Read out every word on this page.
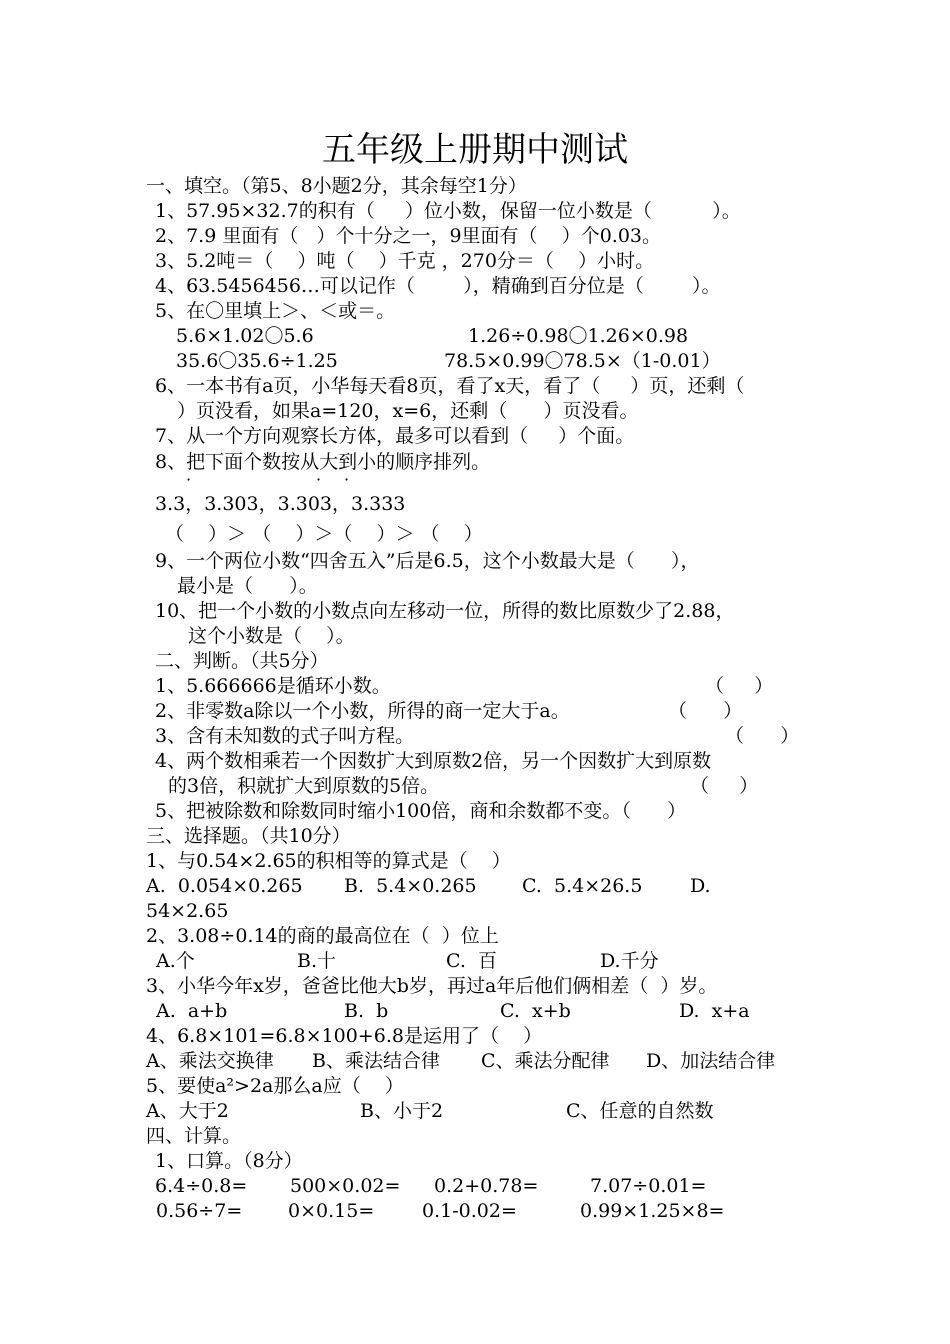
五年级上册期中测试
一、填空。（第5、8小题2分，其余每空1分）
1、57.95×32.7的积有（     ）位小数，保留一位小数是（          ）。
2、7.9 里面有（   ）个十分之一，9里面有（    ）个0.03。
3、5.2吨＝（    ）吨（    ）千克 ，270分＝（    ）小时。
4、63.5456456…可以记作（        ），精确到百分位是（        ）。
5、在〇里填上＞、＜或＝。
5.6×1.02〇5.6	1.26÷0.98〇1.26×0.98
35.6〇35.6÷1.25	78.5×0.99〇78.5×（1-0.01）
6、一本书有a页，小华每天看8页，看了x天，看了（     ）页，还剩（
）页没看，如果a=120，x=6，还剩（      ）页没看。
7、从一个方向观察长方体，最多可以看到（     ）个面。
8、把下面个数按从大到小的顺序排列。
·	· ·
3.3，3.303，3.303，3.333
（    ）＞ （    ）＞（    ）＞ （    ）
9、一个两位小数“四舍五入”后是6.5，这个小数最大是（      ），
最小是（      ）。
10、把一个小数的小数点向左移动一位，所得的数比原数少了2.88，
这个小数是（    ）。
二、判断。（共5分）
1、5.666666是循环小数。	（     ）
2、非零数a除以一个小数，所得的商一定大于a。	（      ）
3、含有未知数的式子叫方程。	（      ）
4、两个数相乘若一个因数扩大到原数2倍，另一个因数扩大到原数
的3倍，积就扩大到原数的5倍。	（     ）
5、把被除数和除数同时缩小100倍，商和余数都不变。（      ）
三、选择题。（共10分）
1、与0.54×2.65的积相等的算式是（    ）
A.  0.054×0.265 B.  5.4×0.265 C.  5.4×26.5	D.
54×2.65
2、3.08÷0.14的商的最高位在（  ）位上
A.个	B.十	C.  百	D.千分
3、小华今年x岁，爸爸比他大b岁，再过a年后他们俩相差（  ）岁。
A.  a+b	B.  b	C.  x+b	D.  x+a
4、6.8×101=6.8×100+6.8是运用了（    ）
A、乘法交换律 B、乘法结合律 C、乘法分配律 D、加法结合律
5、要使a²>2a那么a应（    ）
A、大于2	B、小于2	C、任意的自然数
四、计算。
1、口算。（8分）
6.4÷0.8= 500×0.02= 0.2+0.78=	7.07÷0.01=
0.56÷7= 0×0.15=	0.1-0.02=	0.99×1.25×8=
